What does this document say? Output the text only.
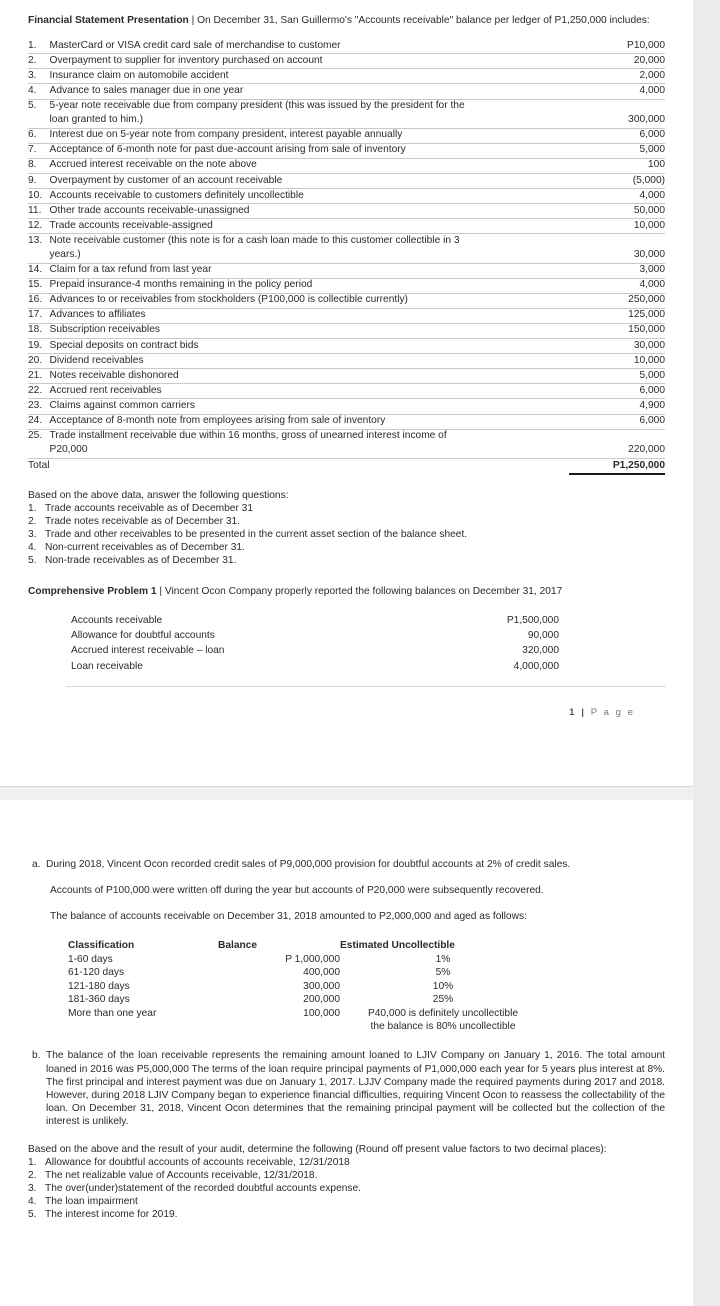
Financial Statement Presentation | On December 31, San Guillermo's "Accounts receivable" balance per ledger of P1,250,000 includes:

1.	MasterCard or VISA credit card sale of merchandise to customer	P10,000
2.	Overpayment to supplier for inventory purchased on account	20,000
3.	Insurance claim on automobile accident	2,000
4.	Advance to sales manager due in one year	4,000
5.	5-year note receivable due from company president (this was issued by the president for the	
	loan granted to him.)	300,000
6.	Interest due on 5-year note from company president, interest payable annually	6,000
7.	Acceptance of 6-month note for past due-account arising from sale of inventory	5,000
8.	Accrued interest receivable on the note above	100
9.	Overpayment by customer of an account receivable	(5,000)
10.	Accounts receivable to customers definitely uncollectible	4,000
11.	Other trade accounts receivable-unassigned	50,000
12.	Trade accounts receivable-assigned	10,000
13.	Note receivable customer (this note is for a cash loan made to this customer collectible in 3	
	years.)	30,000
14.	Claim for a tax refund from last year	3,000
15.	Prepaid insurance-4 months remaining in the policy period	4,000
16.	Advances to or receivables from stockholders (P100,000 is collectible currently)	250,000
17.	Advances to affiliates	125,000
18.	Subscription receivables	150,000
19.	Special deposits on contract bids	30,000
20.	Dividend receivables	10,000
21.	Notes receivable dishonored	5,000
22.	Accrued rent receivables	6,000
23.	Claims against common carriers	4,900
24.	Acceptance of 8-month note from employees arising from sale of inventory	6,000
25.	Trade installment receivable due within 16 months, gross of unearned interest income of	
	P20,000	220,000
Total		P1,250,000
Based on the above data, answer the following questions:
1. Trade accounts receivable as of December 31
2. Trade notes receivable as of December 31.
3. Trade and other receivables to be presented in the current asset section of the balance sheet.
4. Non-current receivables as of December 31.
5. Non-trade receivables as of December 31.

Comprehensive Problem 1 | Vincent Ocon Company properly reported the following balances on December 31, 2017

Accounts receivable	P1,500,000
Allowance for doubtful accounts	90,000
Accrued interest receivable – loan	320,000
Loan receivable	4,000,000
1  |  P a g e
a. During 2018, Vincent Ocon recorded credit sales of P9,000,000 provision for doubtful accounts at 2% of credit sales.
Accounts of P100,000 were written off during the year but accounts of P20,000 were subsequently recovered.
The balance of accounts receivable on December 31, 2018 amounted to P2,000,000 and aged as follows:
Classification	Balance	Estimated Uncollectible
1-60 days	P 1,000,000	1%
61-120 days	400,000	5%
121-180 days	300,000	10%
181-360 days	200,000	25%
More than one year	100,000	P40,000 is definitely uncollectible
		the balance is 80% uncollectible
b. The balance of the loan receivable represents the remaining amount loaned to LJIV Company on January 1, 2016. The total amount loaned in 2016 was P5,000,000 The terms of the loan require principal payments of P1,000,000 each year for 5 years plus interest at 8%. The first principal and interest payment was due on January 1, 2017. LJJV Company made the required payments during 2017 and 2018. However, during 2018 LJIV Company began to experience financial difficulties, requiring Vincent Ocon to reassess the collectability of the loan. On December 31, 2018, Vincent Ocon determines that the remaining principal payment will be collected but the collection of the interest is unlikely.
Based on the above and the result of your audit, determine the following (Round off present value factors to two decimal places):
1. Allowance for doubtful accounts of accounts receivable, 12/31/2018
2. The net realizable value of Accounts receivable, 12/31/2018.
3. The over(under)statement of the recorded doubtful accounts expense.
4. The loan impairment
5. The interest income for 2019.
